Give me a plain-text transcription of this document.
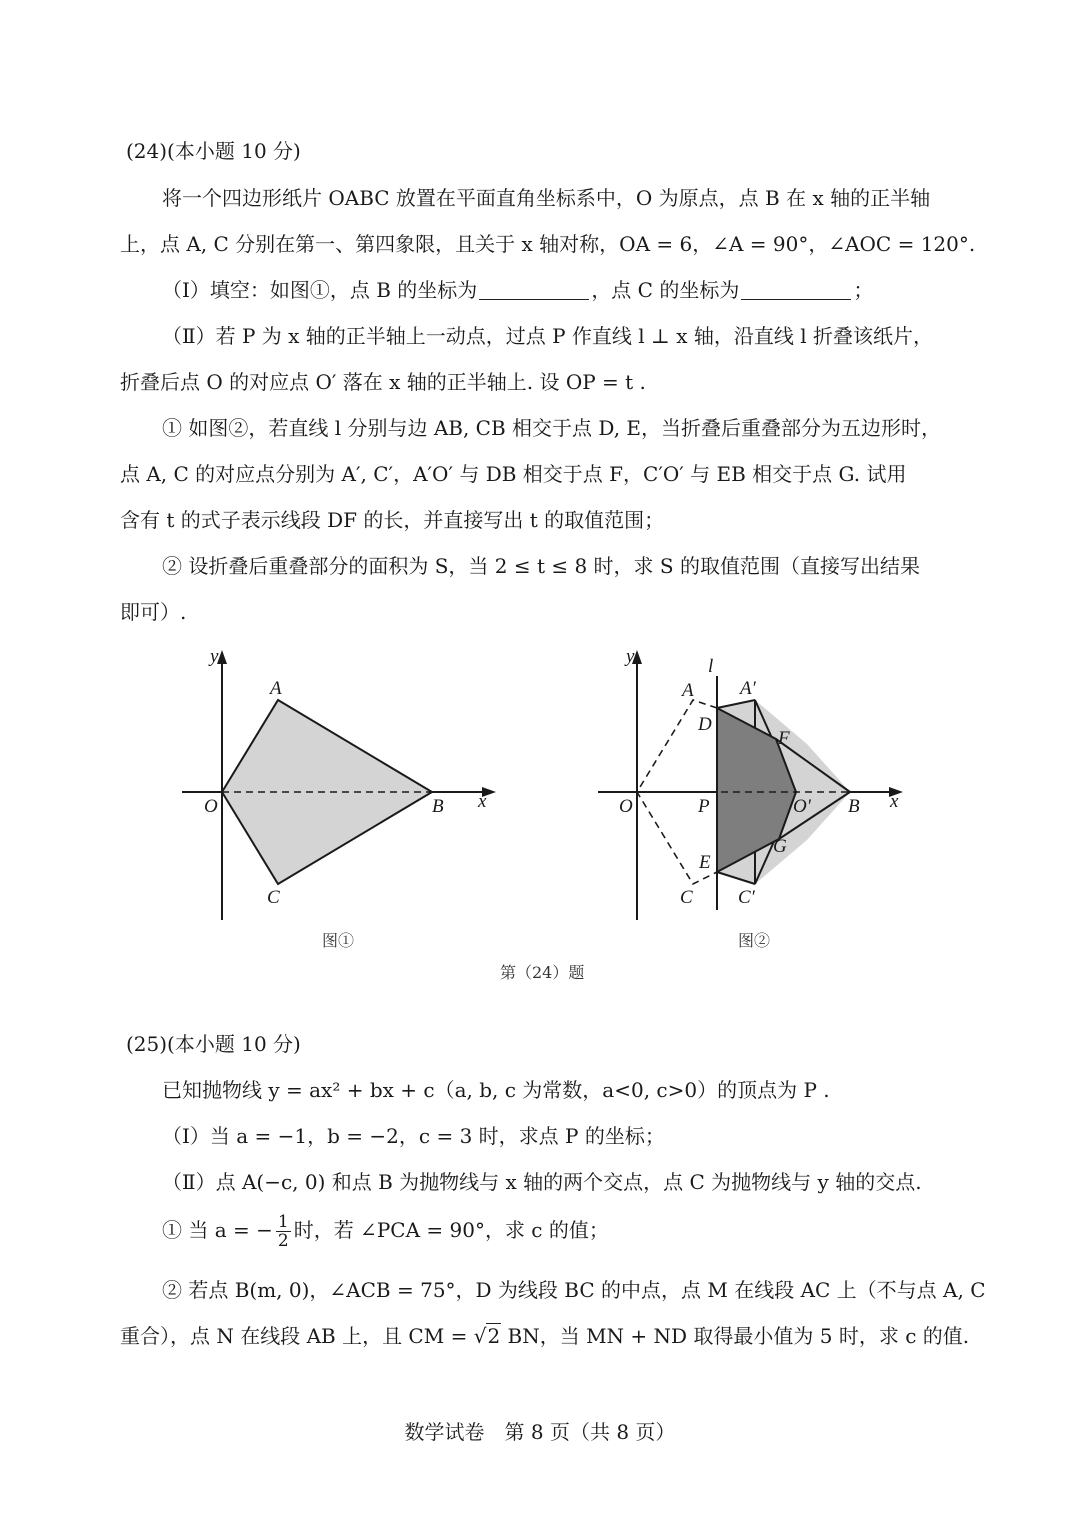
(24)(本小题 10 分)
将一个四边形纸片 OABC 放置在平面直角坐标系中，O 为原点，点 B 在 x 轴的正半轴
上，点 A, C 分别在第一、第四象限，且关于 x 轴对称，OA = 6，∠A = 90°，∠AOC = 120°.
（Ⅰ）填空：如图①，点 B 的坐标为	，点 C 的坐标为	；
（Ⅱ）若 P 为 x 轴的正半轴上一动点，过点 P 作直线 l ⊥ x 轴，沿直线 l 折叠该纸片，
折叠后点 O 的对应点 O′ 落在 x 轴的正半轴上. 设 OP = t .
① 如图②，若直线 l 分别与边 AB, CB 相交于点 D, E，当折叠后重叠部分为五边形时，
点 A, C 的对应点分别为 A′, C′，A′O′ 与 DB 相交于点 F，C′O′ 与 EB 相交于点 G. 试用
含有 t 的式子表示线段 DF 的长，并直接写出 t 的取值范围；
② 设折叠后重叠部分的面积为 S，当 2 ≤ t ≤ 8 时，求 S 的取值范围（直接写出结果
即可）.
y
x
O
A
B
C
图①
y
x
l
O
A A′
D
F
P	O′ B
E
G
C C′
图②
第（24）题
(25)(本小题 10 分)
已知抛物线 y = ax² + bx + c（a, b, c 为常数，a<0, c>0）的顶点为 P .
（Ⅰ）当 a = −1，b = −2，c = 3 时，求点 P 的坐标；
（Ⅱ）点 A(−c, 0) 和点 B 为抛物线与 x 轴的两个交点，点 C 为抛物线与 y 轴的交点.
① 当 a = − $\frac{1}{2}$ 时，若 ∠PCA = 90°，求 c 的值；
② 若点 B(m, 0)，∠ACB = 75°，D 为线段 BC 的中点，点 M 在线段 AC 上（不与点 A, C
重合），点 N 在线段 AB 上，且 CM = √2 BN，当 MN + ND 取得最小值为 5 时，求 c 的值.
数学试卷　第 8 页（共 8 页）
